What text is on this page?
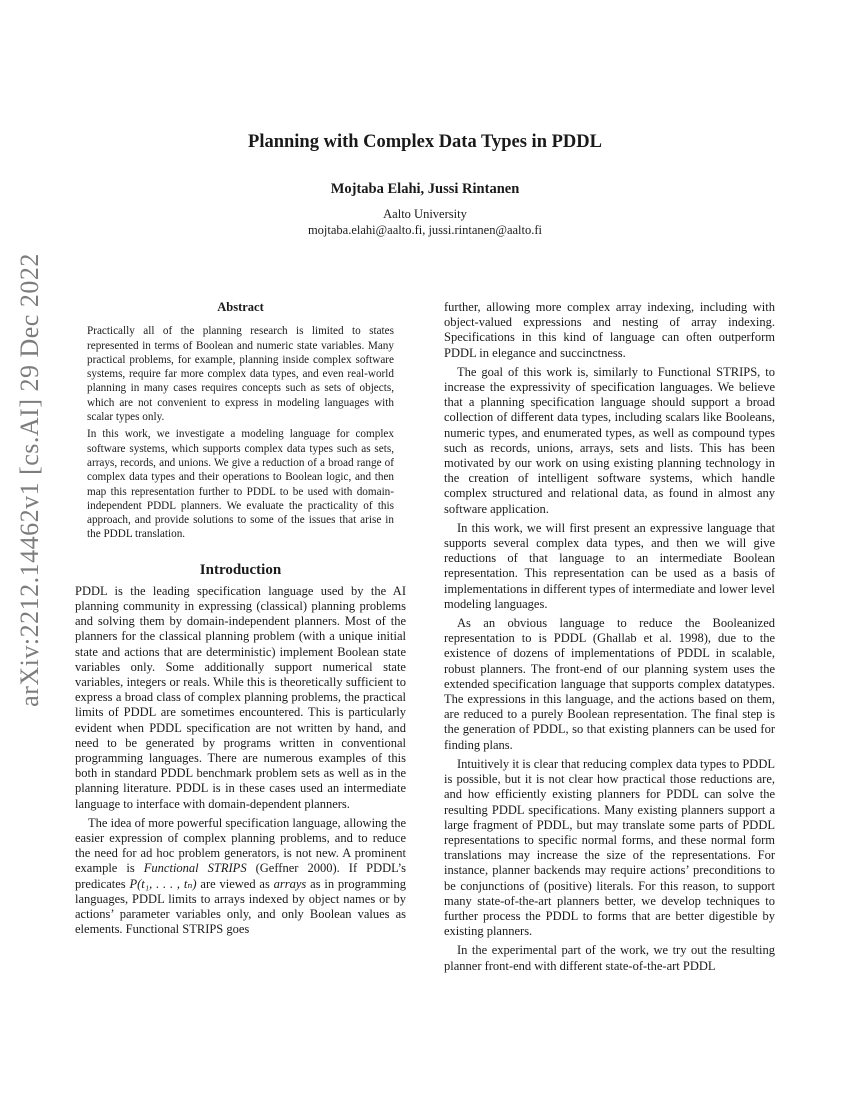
arXiv:2212.14462v1 [cs.AI] 29 Dec 2022
Planning with Complex Data Types in PDDL
Mojtaba Elahi, Jussi Rintanen
Aalto University
mojtaba.elahi@aalto.fi, jussi.rintanen@aalto.fi
Abstract

Practically all of the planning research is limited to states represented in terms of Boolean and numeric state variables. Many practical problems, for example, planning inside complex software systems, require far more complex data types, and even real-world planning in many cases requires concepts such as sets of objects, which are not convenient to express in modeling languages with scalar types only.

In this work, we investigate a modeling language for complex software systems, which supports complex data types such as sets, arrays, records, and unions. We give a reduction of a broad range of complex data types and their operations to Boolean logic, and then map this representation further to PDDL to be used with domain-independent PDDL planners. We evaluate the practicality of this approach, and provide solutions to some of the issues that arise in the PDDL translation.

Introduction

PDDL is the leading specification language used by the AI planning community in expressing (classical) planning problems and solving them by domain-independent planners. Most of the planners for the classical planning problem (with a unique initial state and actions that are deterministic) implement Boolean state variables only. Some additionally support numerical state variables, integers or reals. While this is theoretically sufficient to express a broad class of complex planning problems, the practical limits of PDDL are sometimes encountered. This is particularly evident when PDDL specification are not written by hand, and need to be generated by programs written in conventional programming languages. There are numerous examples of this both in standard PDDL benchmark problem sets as well as in the planning literature. PDDL is in these cases used an intermediate language to interface with domain-dependent planners.

The idea of more powerful specification language, allowing the easier expression of complex planning problems, and to reduce the need for ad hoc problem generators, is not new. A prominent example is Functional STRIPS (Geffner 2000). If PDDL’s predicates P(t₁, . . . , tₙ) are viewed as arrays as in programming languages, PDDL limits to arrays indexed by object names or by actions’ parameter variables only, and only Boolean values as elements. Functional STRIPS goes

further, allowing more complex array indexing, including with object-valued expressions and nesting of array indexing. Specifications in this kind of language can often outperform PDDL in elegance and succinctness.

The goal of this work is, similarly to Functional STRIPS, to increase the expressivity of specification languages. We believe that a planning specification language should support a broad collection of different data types, including scalars like Booleans, numeric types, and enumerated types, as well as compound types such as records, unions, arrays, sets and lists. This has been motivated by our work on using existing planning technology in the creation of intelligent software systems, which handle complex structured and relational data, as found in almost any software application.

In this work, we will first present an expressive language that supports several complex data types, and then we will give reductions of that language to an intermediate Boolean representation. This representation can be used as a basis of implementations in different types of intermediate and lower level modeling languages.

As an obvious language to reduce the Booleanized representation to is PDDL (Ghallab et al. 1998), due to the existence of dozens of implementations of PDDL in scalable, robust planners. The front-end of our planning system uses the extended specification language that supports complex datatypes. The expressions in this language, and the actions based on them, are reduced to a purely Boolean representation. The final step is the generation of PDDL, so that existing planners can be used for finding plans.

Intuitively it is clear that reducing complex data types to PDDL is possible, but it is not clear how practical those reductions are, and how efficiently existing planners for PDDL can solve the resulting PDDL specifications. Many existing planners support a large fragment of PDDL, but may translate some parts of PDDL representations to specific normal forms, and these normal form translations may increase the size of the representations. For instance, planner backends may require actions’ preconditions to be conjunctions of (positive) literals. For this reason, to support many state-of-the-art planners better, we develop techniques to further process the PDDL to forms that are better digestible by existing planners.

In the experimental part of the work, we try out the resulting planner front-end with different state-of-the-art PDDL
